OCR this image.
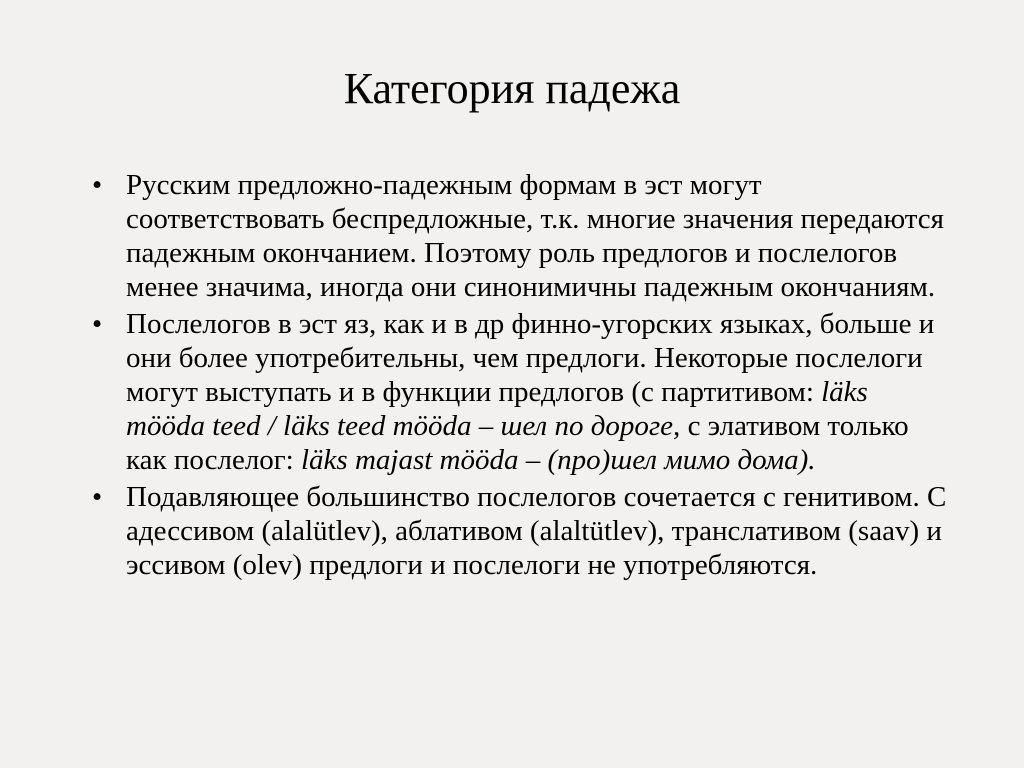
Категория падежа
• Русским предложно-падежным формам в эст могут соответствовать беспредложные, т.к. многие значения передаются падежным окончанием. Поэтому роль предлогов и послелогов менее значима, иногда они синонимичны падежным окончаниям.
• Послелогов в эст яз, как и в др финно-угорских языках, больше и они более употребительны, чем предлоги. Некоторые послелоги могут выступать и в функции предлогов (с партитивом: läks mööda teed / läks teed mööda – шел по дороге, с элативом только как послелог: läks majast mööda – (про)шел мимо дома).
• Подавляющее большинство послелогов сочетается с генитивом. С адессивом (alalütlev), аблативом (alaltütlev), транслативом (saav) и эссивом (olev) предлоги и послелоги не употребляются.
